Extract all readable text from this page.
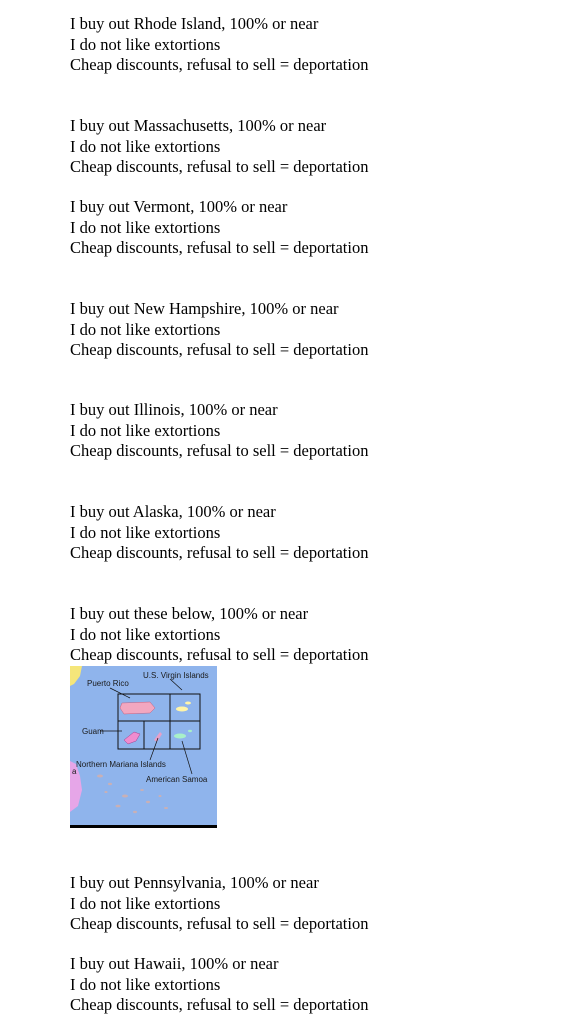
I buy out Rhode Island, 100% or near
I do not like extortions
Cheap discounts, refusal to sell = deportation
I buy out Massachusetts, 100% or near
I do not like extortions
Cheap discounts, refusal to sell = deportation
I buy out Vermont, 100% or near
I do not like extortions
Cheap discounts, refusal to sell = deportation
I buy out New Hampshire, 100% or near
I do not like extortions
Cheap discounts, refusal to sell = deportation
I buy out Illinois, 100% or near
I do not like extortions
Cheap discounts, refusal to sell = deportation
I buy out Alaska, 100% or near
I do not like extortions
Cheap discounts, refusal to sell = deportation
I buy out these below, 100% or near
I do not like extortions
Cheap discounts, refusal to sell = deportation
a
U.S. Virgin Islands
Puerto Rico
Guam
Northern Mariana Islands
American Samoa
I buy out Pennsylvania, 100% or near
I do not like extortions
Cheap discounts, refusal to sell = deportation
I buy out Hawaii, 100% or near
I do not like extortions
Cheap discounts, refusal to sell = deportation
